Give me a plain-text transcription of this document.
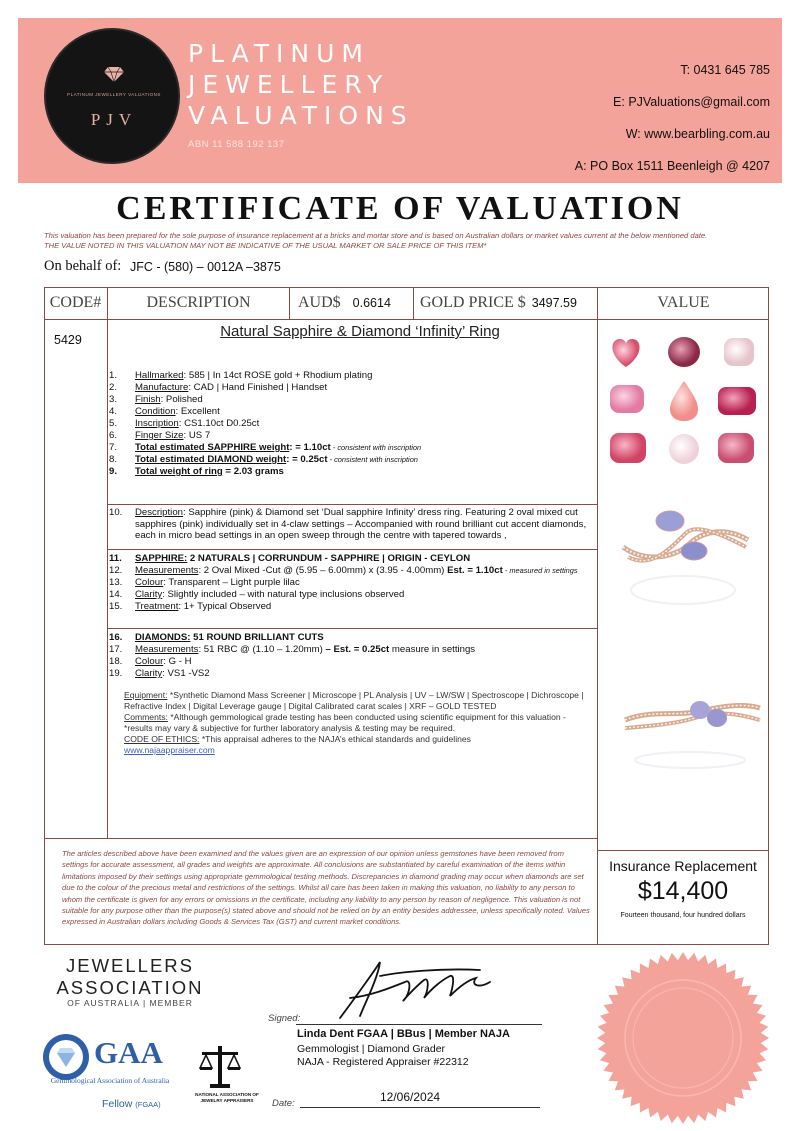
PLATINUM JEWELLERY VALUATIONS
PJV
PLATINUM
JEWELLERY
VALUATIONS
ABN 11 588 192 137
T: 0431 645 785
E: PJValuations@gmail.com
W: www.bearbling.com.au
A: PO Box 1511 Beenleigh @ 4207
CERTIFICATE OF VALUATION
This valuation has been prepared for the sole purpose of insurance replacement at a bricks and mortar store and is based on Australian dollars or market values current at the below mentioned date.
THE VALUE NOTED IN THIS VALUATION MAY NOT BE INDICATIVE OF THE USUAL MARKET OR SALE PRICE OF THIS ITEM*
On behalf of: JFC - (580) – 0012A –3875
CODE#	DESCRIPTION	AUD$ 0.6614 GOLD PRICE $ 3497.59	VALUE
5429	Natural Sapphire & Diamond ‘Infinity’ Ring
1. Hallmarked: 585 | In 14ct ROSE gold + Rhodium plating
2. Manufacture: CAD | Hand Finished | Handset
3. Finish: Polished
4. Condition: Excellent
5. Inscription: CS1.10ct D0.25ct
6. Finger Size: US 7
7. Total estimated SAPPHIRE weight: = 1.10ct - consistent with inscription
8. Total estimated DIAMOND weight: = 0.25ct - consistent with inscription
9. Total weight of ring = 2.03 grams
10.	Description: Sapphire (pink) & Diamond set ‘Dual sapphire Infinity’ dress ring. Featuring 2 oval mixed cut sapphires (pink) individually set in 4-claw settings – Accompanied with round brilliant cut accent diamonds, each in micro bead settings in an open sweep through the centre with tapered towards ,
11. SAPPHIRE: 2 NATURALS | CORRUNDUM - SAPPHIRE | ORIGIN - CEYLON
12. Measurements: 2 Oval Mixed -Cut @ (5.95 – 6.00mm) x (3.95 - 4.00mm) Est. = 1.10ct - measured in settings
13. Colour: Transparent – Light purple lilac
14. Clarity: Slightly included – with natural type inclusions observed
15. Treatment: 1+ Typical Observed
16. DIAMONDS: 51 ROUND BRILLIANT CUTS
17. Measurements: 51 RBC @ (1.10 – 1.20mm) – Est. = 0.25ct measure in settings
18. Colour: G - H
19. Clarity: VS1 -VS2
Equipment: *Synthetic Diamond Mass Screener | Microscope | PL Analysis | UV – LW/SW | Spectroscope | Dichroscope | Refractive Index | Digital Leverage gauge | Digital Calibrated carat scales | XRF – GOLD TESTED
Comments: *Although gemmological grade testing has been conducted using scientific equipment for this valuation - *results may vary & subjective for further laboratory analysis & testing may be required.
CODE OF ETHICS: *This appraisal adheres to the NAJA’s ethical standards and guidelines
www.najaappraiser.com
The articles described above have been examined and the values given are an expression of our opinion unless gemstones have been removed from settings for accurate assessment, all grades and weights are approximate. All conclusions are substantiated by careful examination of the items within limitations imposed by their settings using appropriate gemmological testing methods. Discrepancies in diamond grading may occur when diamonds are set due to the colour of the precious metal and restrictions of the settings. Whilst all care has been taken in making this valuation, no liability to any person to whom the certificate is given for any errors or omissions in the certificate, including any liability to any person by reason of negligence. This valuation is not suitable for any purpose other than the purpose(s) stated above and should not be relied on by an entity besides addressee, unless specifically noted. Values expressed in Australian dollars including Goods & Services Tax (GST) and current market conditions.
Insurance Replacement
$14,400
Fourteen thousand, four hundred dollars
JEWELLERS
ASSOCIATION
OF AUSTRALIA | MEMBER
GAA
Gemmological Association of Australia
Fellow (FGAA)
NATIONAL ASSOCIATION OF
JEWELRY APPRAISERS
Signed:
Linda Dent FGAA | BBus | Member NAJA
Gemmologist | Diamond Grader
NAJA - Registered Appraiser #22312
Date:	12/06/2024
